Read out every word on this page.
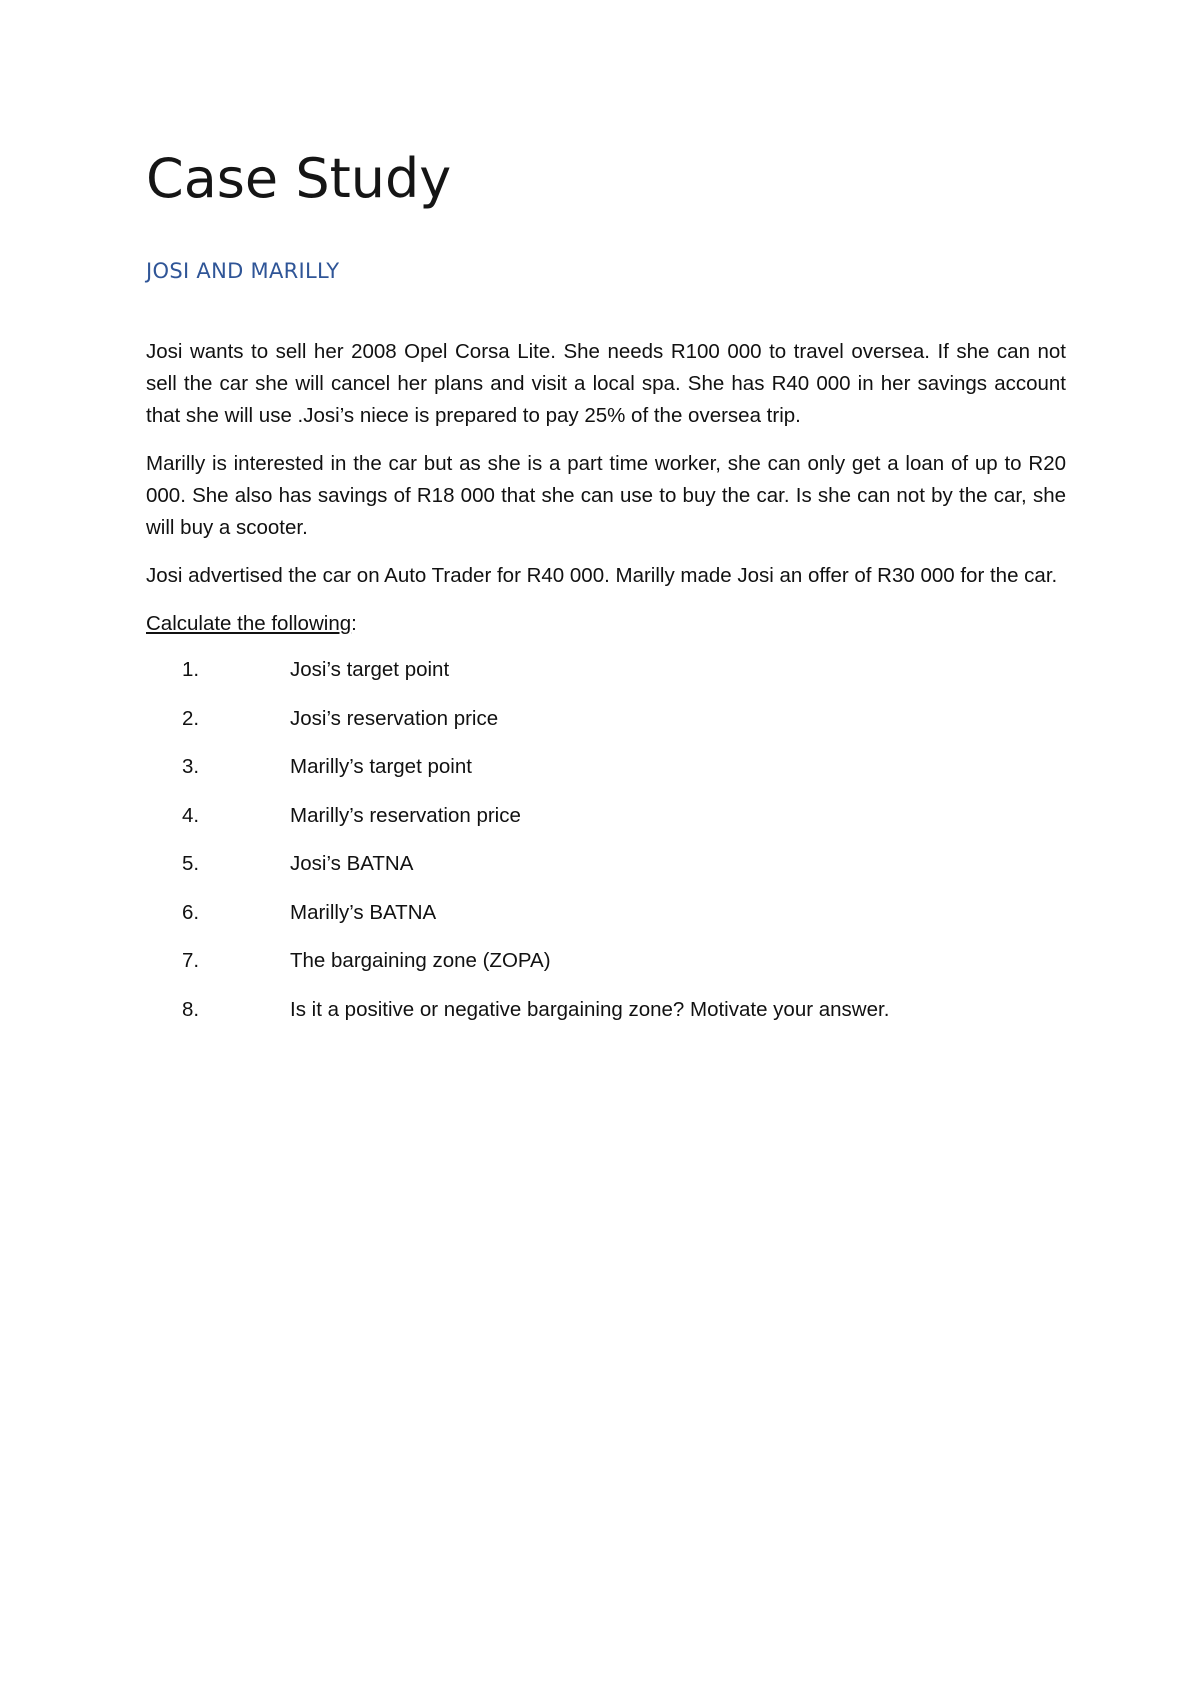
Case Study
JOSI AND MARILLY

Josi wants to sell her 2008 Opel Corsa Lite. She needs R100 000 to travel oversea. If she can not sell the car she will cancel her plans and visit a local spa. She has R40 000 in her savings account that she will use .Josi’s niece is prepared to pay 25% of the oversea trip.

Marilly is interested in the car but as she is a part time worker, she can only get a loan of up to R20 000. She also has savings of R18 000 that she can use to buy the car. Is she can not by the car, she will buy a scooter.

Josi advertised the car on Auto Trader for R40 000. Marilly made Josi an offer of R30 000 for the car.

Calculate the following:

1.	Josi’s target point
2.	Josi’s reservation price
3.	Marilly’s target point
4.	Marilly’s reservation price
5.	Josi’s BATNA
6.	Marilly’s BATNA
7.	The bargaining zone (ZOPA)
8.	Is it a positive or negative bargaining zone? Motivate your answer.
